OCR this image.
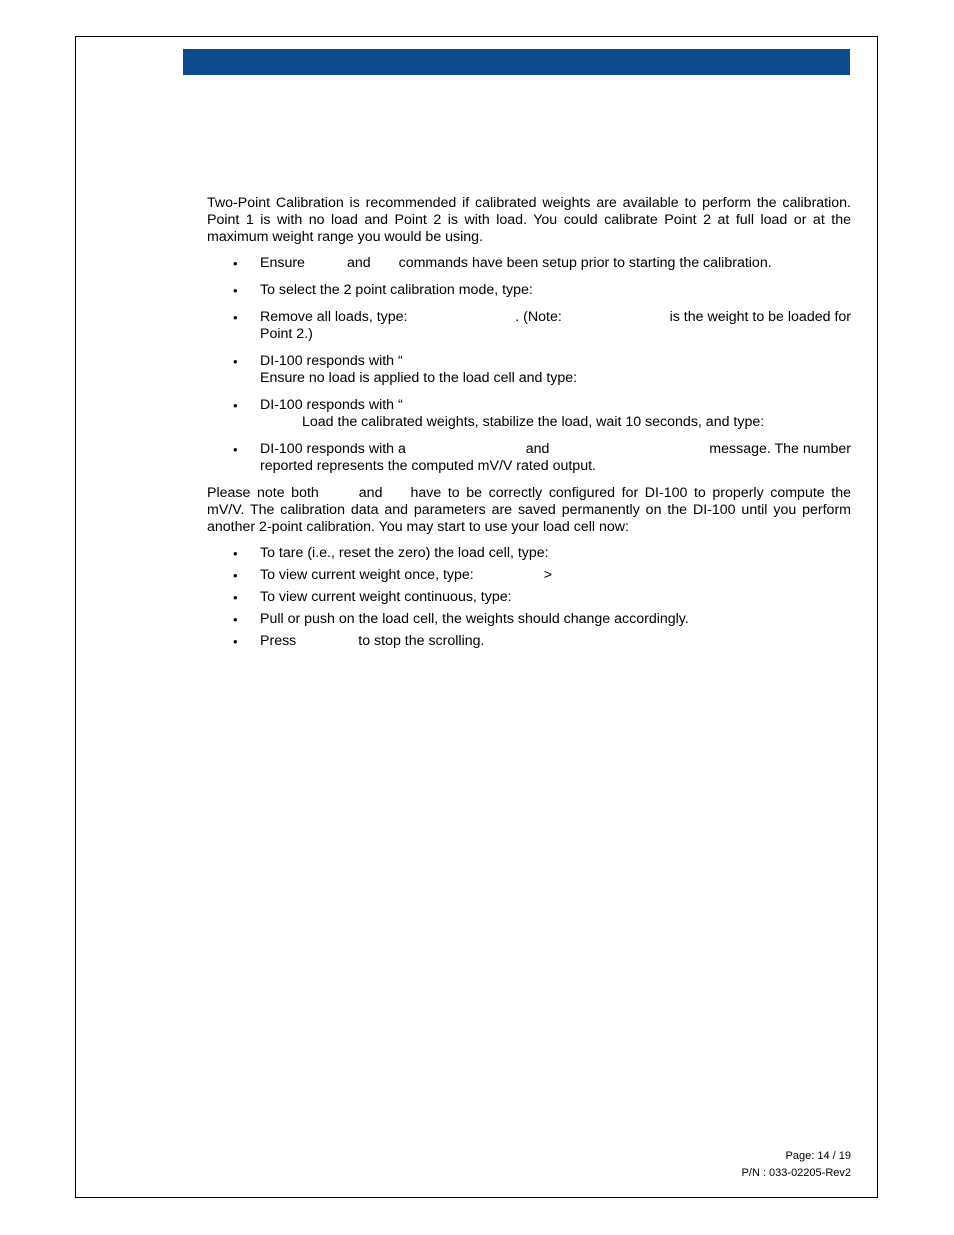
Two-Point Calibration is recommended if calibrated weights are available to perform the calibration. Point 1 is with no load and Point 2 is with load. You could calibrate Point 2 at full load or at the maximum weight range you would be using.

• Ensure	and commands have been setup prior to starting the calibration.
• To select the 2 point calibration mode, type:
• Remove all loads, type:	. (Note:	is the weight to be loaded for
Point 2.)
• DI-100 responds with “
Ensure no load is applied to the load cell and type:
• DI-100 responds with “
Load the calibrated weights, stabilize the load, wait 10 seconds, and type:
• DI-100 responds with a	and	message. The number
reported represents the computed mV/V rated output.

Please note both	and have to be correctly configured for DI-100 to properly compute the mV/V. The calibration data and parameters are saved permanently on the DI-100 until you perform another 2-point calibration. You may start to use your load cell now:

• To tare (i.e., reset the zero) the load cell, type:
• To view current weight once, type:	>
• To view current weight continuous, type:
• Pull or push on the load cell, the weights should change accordingly.
• Press	to stop the scrolling.
Page: 14 / 19
P/N : 033-02205-Rev2
